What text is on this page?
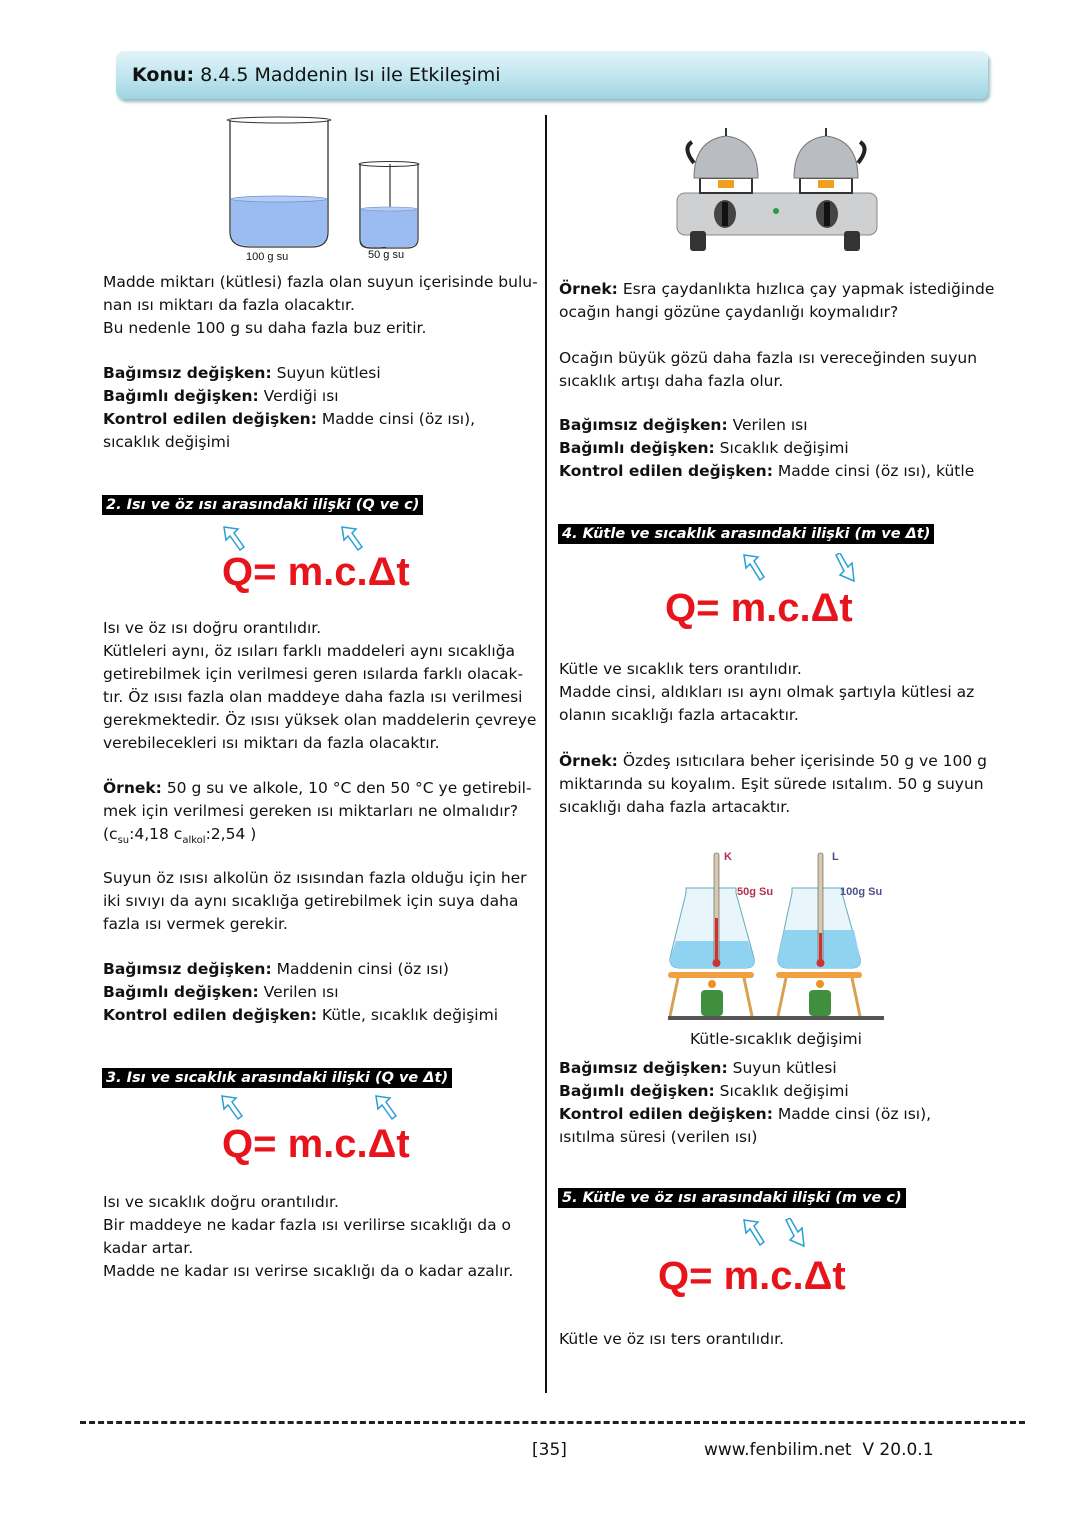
Konu: 8.4.5 Maddenin Isı ile Etkileşimi
100 g su	50 g su
Madde miktarı (kütlesi) fazla olan suyun içerisinde bulu-
nan ısı miktarı da fazla olacaktır.
Bu nedenle 100 g su daha fazla buz eritir.
Bağımsız değişken: Suyun kütlesi
Bağımlı değişken: Verdiği ısı
Kontrol edilen değişken: Madde cinsi (öz ısı), sıcaklık değişimi
2. Isı ve öz ısı arasındaki ilişki (Q ve c)
Q= m.c.Δt
Isı ve öz ısı doğru orantılıdır.
Kütleleri aynı, öz ısıları farklı maddeleri aynı sıcaklığa
getirebilmek için verilmesi geren ısılarda farklı olacak-
tır. Öz ısısı fazla olan maddeye daha fazla ısı verilmesi
gerekmektedir. Öz ısısı yüksek olan maddelerin çevreye
verebilecekleri ısı miktarı da fazla olacaktır.
Örnek: 50 g su ve alkole, 10 °C den 50 °C ye getirebil-
mek için verilmesi gereken ısı miktarları ne olmalıdır?
($c_{su}:4,18$ $c_{alkol}:2,54$ )
Suyun öz ısısı alkolün öz ısısından fazla olduğu için her
iki sıvıyı da aynı sıcaklığa getirebilmek için suya daha
fazla ısı vermek gerekir.
Bağımsız değişken: Maddenin cinsi (öz ısı)
Bağımlı değişken: Verilen ısı
Kontrol edilen değişken: Kütle, sıcaklık değişimi
3. Isı ve sıcaklık arasındaki ilişki (Q ve Δt)
Q= m.c.Δt
Isı ve sıcaklık doğru orantılıdır.
Bir maddeye ne kadar fazla ısı verilirse sıcaklığı da o
kadar artar.
Madde ne kadar ısı verirse sıcaklığı da o kadar azalır.
Örnek: Esra çaydanlıkta hızlıca çay yapmak istediğinde
ocağın hangi gözüne çaydanlığı koymalıdır?
Ocağın büyük gözü daha fazla ısı vereceğinden suyun
sıcaklık artışı daha fazla olur.
Bağımsız değişken: Verilen ısı
Bağımlı değişken: Sıcaklık değişimi
Kontrol edilen değişken: Madde cinsi (öz ısı), kütle
4. Kütle ve sıcaklık arasındaki ilişki (m ve Δt)
Q= m.c.Δt
Kütle ve sıcaklık ters orantılıdır.
Madde cinsi, aldıkları ısı aynı olmak şartıyla kütlesi az
olanın sıcaklığı fazla artacaktır.
Örnek: Özdeş ısıtıcılara beher içerisinde 50 g ve 100 g
miktarında su koyalım. Eşit sürede ısıtalım. 50 g suyun
sıcaklığı daha fazla artacaktır.
K	L
50g Su	100g Su
Kütle-sıcaklık değişimi
Bağımsız değişken: Suyun kütlesi
Bağımlı değişken: Sıcaklık değişimi
Kontrol edilen değişken: Madde cinsi (öz ısı), ısıtılma süresi (verilen ısı)
5. Kütle ve öz ısı arasındaki ilişki (m ve c)
Q= m.c.Δt
Kütle ve öz ısı ters orantılıdır.
[35]	www.fenbilim.net  V 20.0.1
